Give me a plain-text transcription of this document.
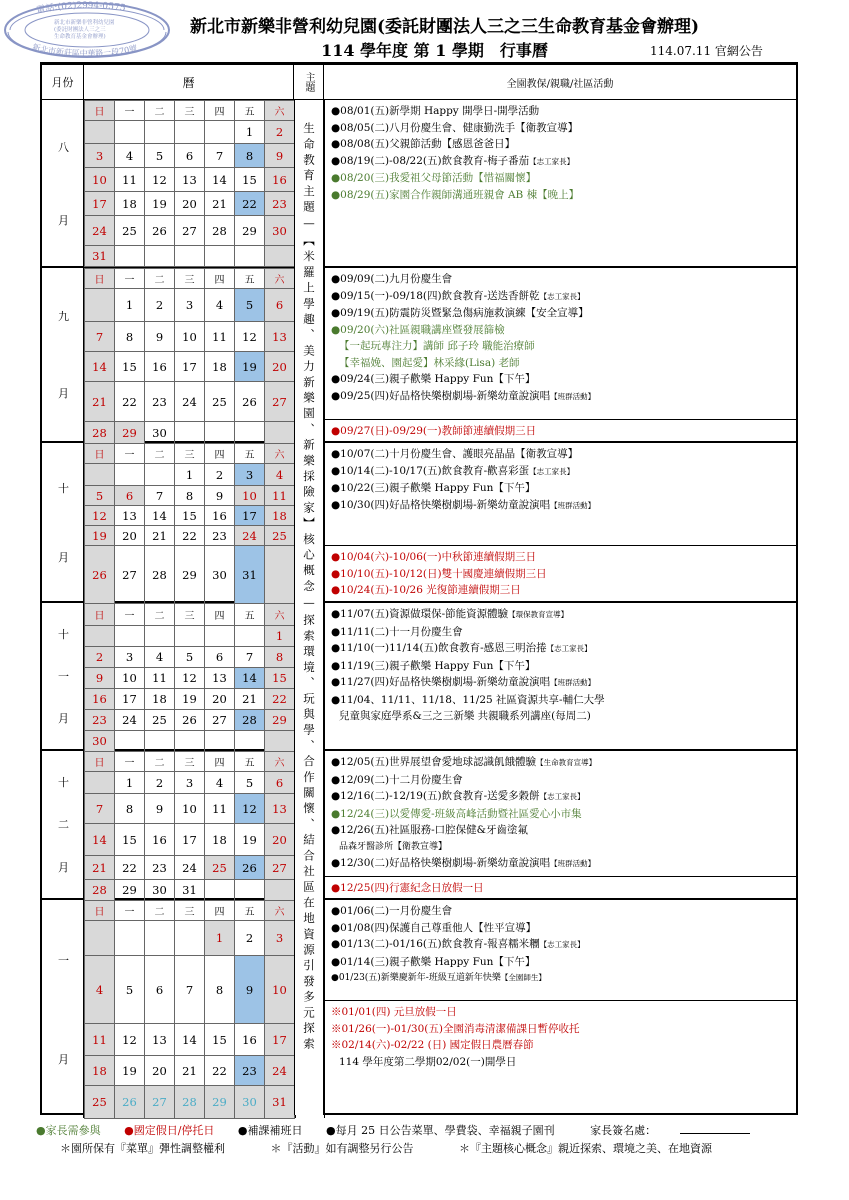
電話:(02)2994-0575
新北市新莊區中華路一段70號
新北市新樂非營利幼兒園
(委託財團法人三之三
生命教育基金會辦理)	新北市新樂非營利幼兒園(委託財團法人三之三生命教育基金會辦理)
114 學年度 第 1 學期　行事曆	114.07.11 官網公告
月份	曆	主題	全園教保/親職/社區活動
八
月
日	一	二	三	四	五	六
					1	2
3	4	5	6	7	8	9
10	11	12	13	14	15	16
17	18	19	20	21	22	23
24	25	26	27	28	29	30
31						
●08/01(五)新學期 Happy 開學日-開學活動
●08/05(二)八月份慶生會、健康勤洗手【衛教宣導】
●08/08(五)父親節活動【感恩爸爸日】
●08/19(二)-08/22(五)飲食教育-梅子番茄【志工家長】
●08/20(三)我愛祖父母節活動【惜福關懷】
●08/29(五)家園合作親師溝通班親會 AB 棟【晚上】
九
月
日	一	二	三	四	五	六
	1	2	3	4	5	6
7	8	9	10	11	12	13
14	15	16	17	18	19	20
21	22	23	24	25	26	27
28	29	30				
●09/09(二)九月份慶生會
●09/15(一)-09/18(四)飲食教育-送迭香餅乾【志工家長】
●09/19(五)防震防災暨緊急傷病施救演練【安全宣導】
●09/20(六)社區親職講座暨發展篩檢
【一起玩專注力】講師 邱子玲 職能治療師
【幸福娩、園起愛】林采緣(Lisa) 老師
●09/24(三)親子歡樂 Happy Fun【下午】
●09/25(四)好品格快樂樹劇場-新樂幼童說演唱【班群活動】
●09/27(日)-09/29(一)教師節連續假期三日
十
月
日	一	二	三	四	五	六
			1	2	3	4
5	6	7	8	9	10	11
12	13	14	15	16	17	18
19	20	21	22	23	24	25
26	27	28	29	30	31	
●10/07(二)十月份慶生會、護眼亮晶晶【衛教宣導】
●10/14(二)-10/17(五)飲食教育-歡喜彩蛋【志工家長】
●10/22(三)親子歡樂 Happy Fun【下午】
●10/30(四)好品格快樂樹劇場-新樂幼童說演唱【班群活動】
●10/04(六)-10/06(一)中秋節連續假期三日
●10/10(五)-10/12(日)雙十國慶連續假期三日
●10/24(五)-10/26 光復節連續假期三日
十
一
月
日	一	二	三	四	五	六
						1
2	3	4	5	6	7	8
9	10	11	12	13	14	15
16	17	18	19	20	21	22
23	24	25	26	27	28	29
30						
●11/07(五)資源做環保-節能資源體驗【環保教育宣導】
●11/11(二)十一月份慶生會
●11/10(一)11/14(五)飲食教育-感恩三明治捲【志工家長】
●11/19(三)親子歡樂 Happy Fun【下午】
●11/27(四)好品格快樂樹劇場-新樂幼童說演唱【班群活動】
●11/04、11/11、11/18、11/25 社區資源共享-輔仁大學
兒童與家庭學系&三之三新樂 共親職系列講座(每周二)
十
二
月
日	一	二	三	四	五	六
	1	2	3	4	5	6
7	8	9	10	11	12	13
14	15	16	17	18	19	20
21	22	23	24	25	26	27
28	29	30	31			
●12/05(五)世界展望會愛地球認識飢餓體驗【生命教育宣導】
●12/09(二)十二月份慶生會
●12/16(二)-12/19(五)飲食教育-送愛多穀餅【志工家長】
●12/24(三)以愛傳愛-班級高峰活動暨社區愛心小市集
●12/26(五)社區服務-口腔保健&牙齒塗氟
品森牙醫診所【衛教宣導】
●12/30(二)好品格快樂樹劇場-新樂幼童說演唱【班群活動】
●12/25(四)行憲紀念日放假一日
一
月
日	一	二	三	四	五	六
				1	2	3
4	5	6	7	8	9	10
11	12	13	14	15	16	17
18	19	20	21	22	23	24
25	26	27	28	29	30	31
●01/06(二)一月份慶生會
●01/08(四)保護自己尊重他人【性平宣導】
●01/13(二)-01/16(五)飲食教育-報喜糯米糰【志工家長】
●01/14(三)親子歡樂 Happy Fun【下午】
●01/23(五)新樂慶新年-班級互道新年快樂【全園師生】
※01/01(四) 元旦放假一日
※01/26(一)-01/30(五)全園消毒清潔備課日暫停收托
※02/14(六)-02/22 (日) 國定假日農曆春節
114 學年度第二學期02/02(一)開學日
生命教育主題—【米羅上學趣、美力新樂園、新樂採險家】核心概念—探索環境、玩與學、合作關懷、結合社區在地資源引發多元探索
●家長需參與 ●國定假日/停托日 ●補課補班日 ●每月 25 日公告菜單、學費袋、幸福親子園刊	家長簽名處：
＊園所保有『菜單』彈性調整權利	＊『活動』如有調整另行公告	＊『主題核心概念』親近探索、環境之美、在地資源
